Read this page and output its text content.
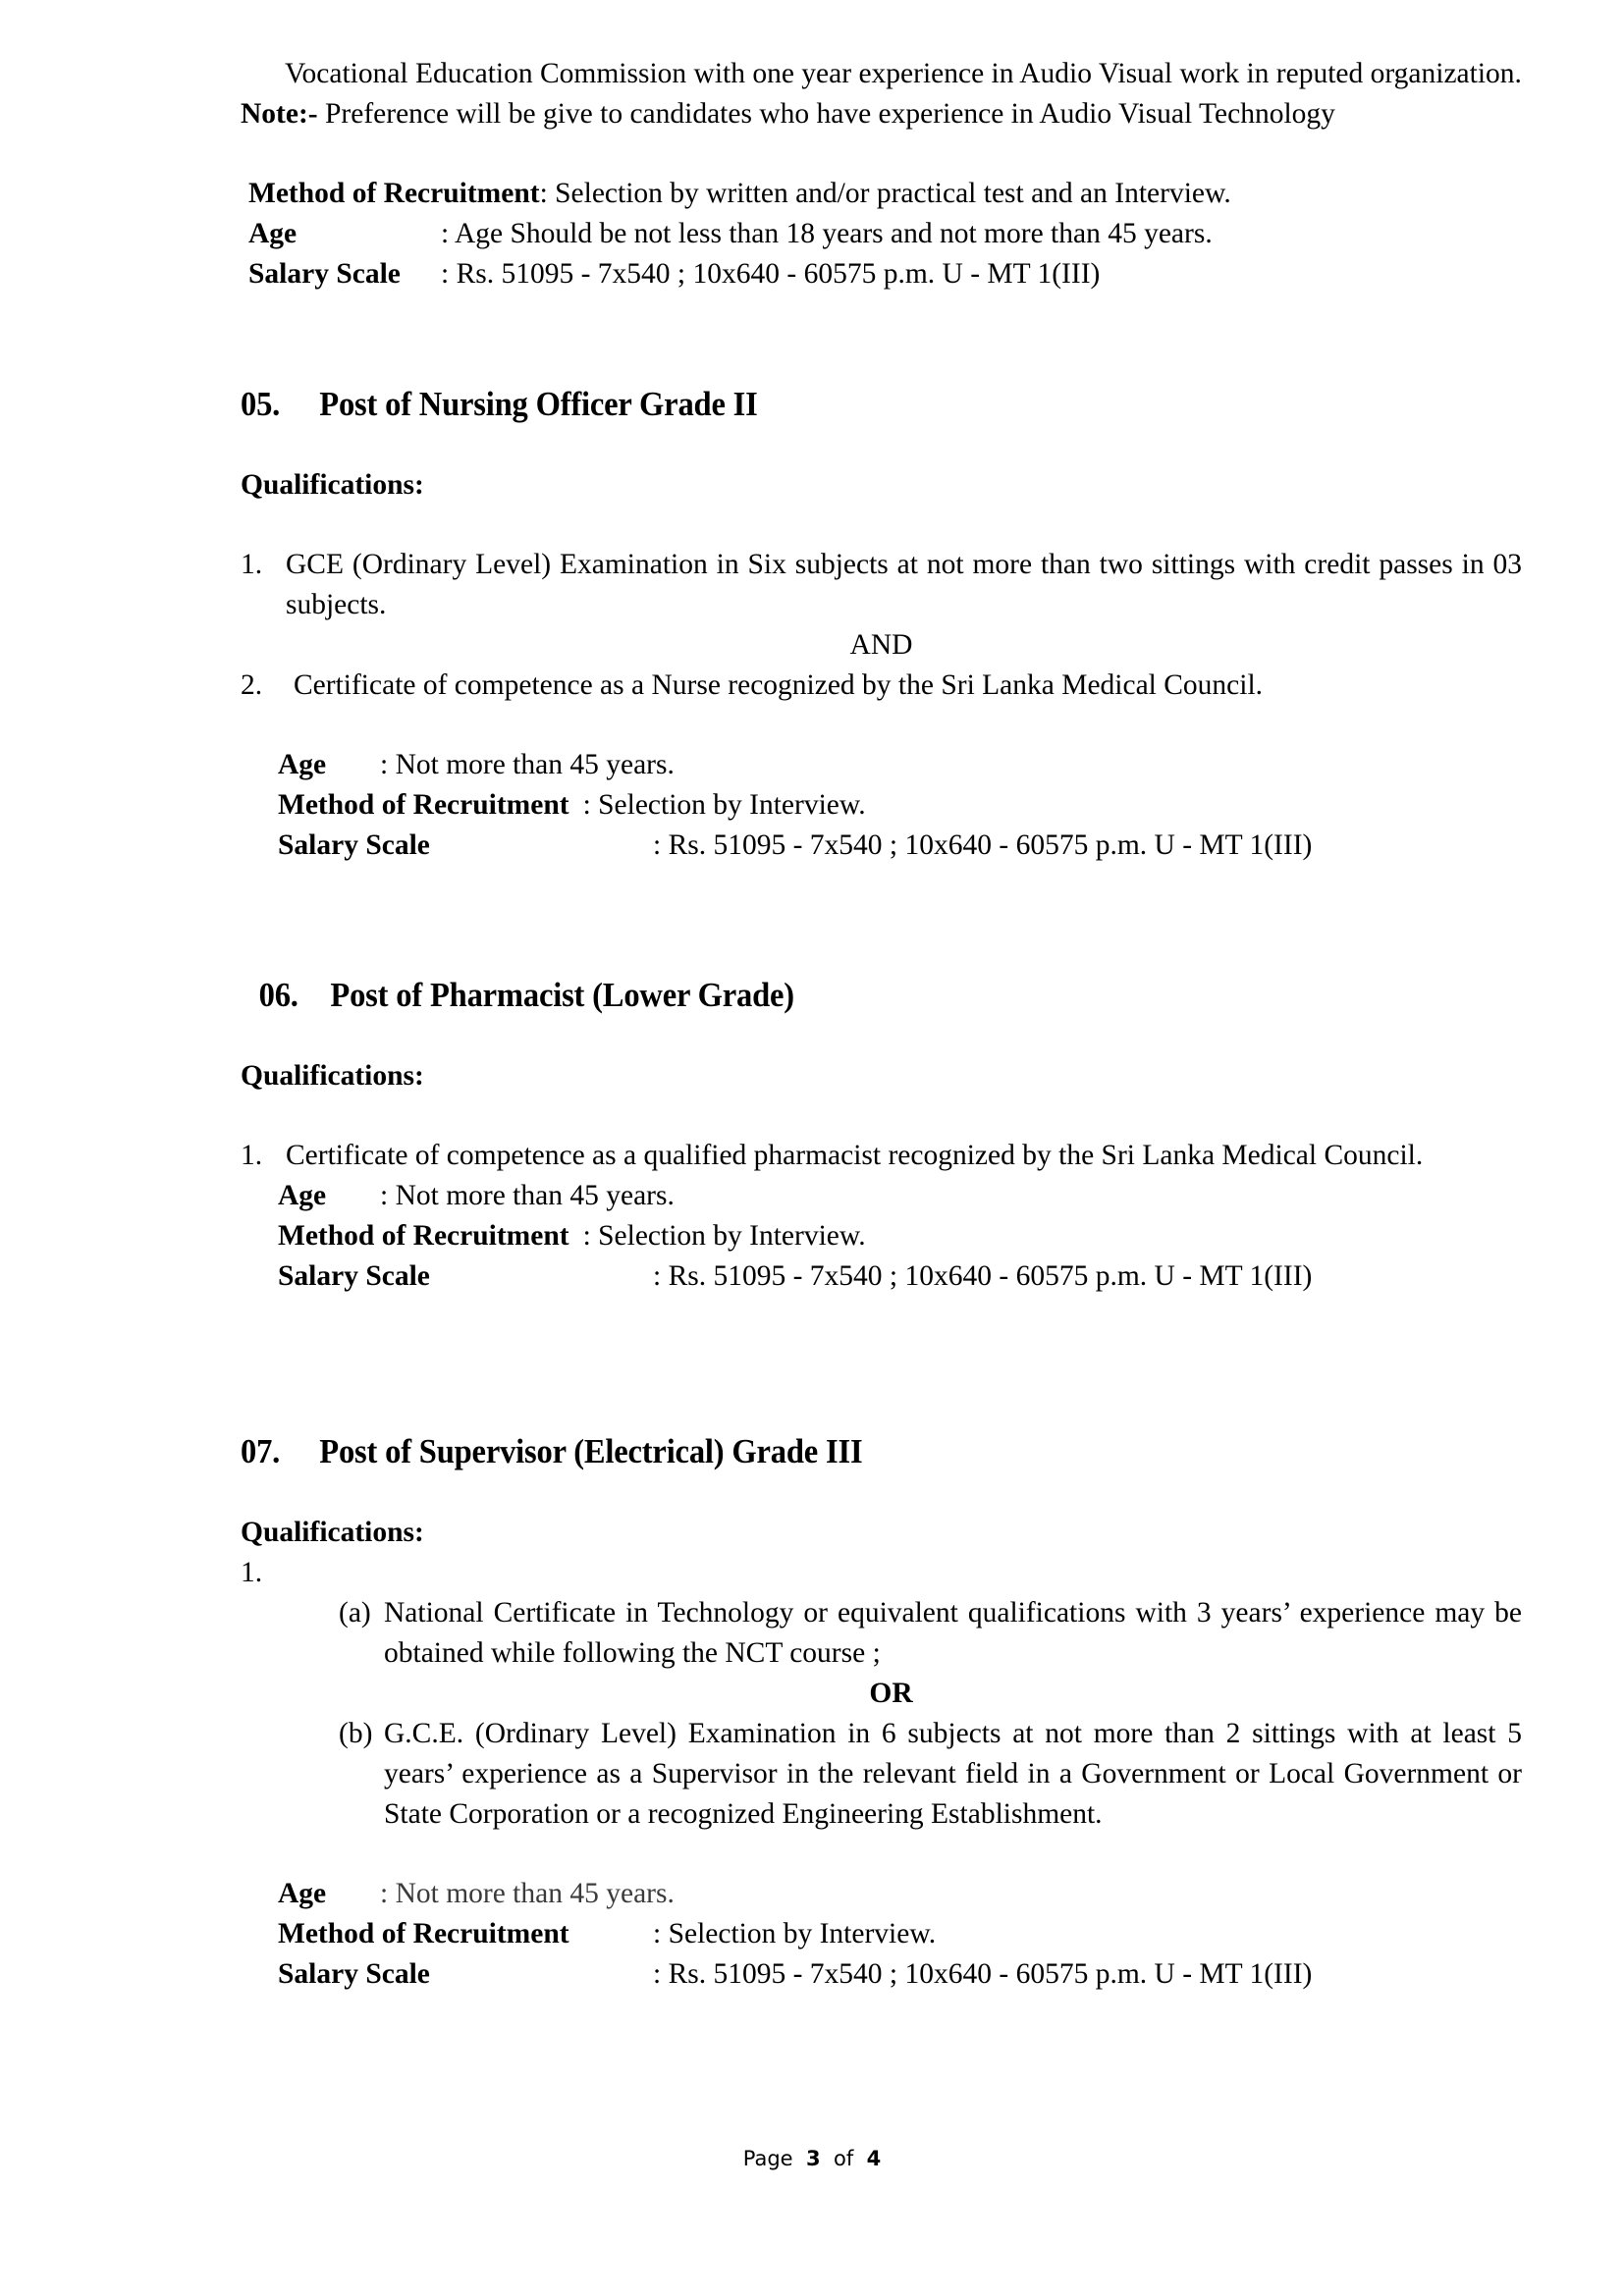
Vocational Education Commission with one year experience in Audio Visual work in reputed organization.
Note:- Preference will be give to candidates who have experience in Audio Visual Technology
Method of Recruitment : Selection by written and/or practical test and an Interview.
Age	: Age Should be not less than 18 years and not more than 45 years.
Salary Scale	: Rs. 51095 - 7x540 ; 10x640 - 60575 p.m. U - MT 1(III)
05. Post of Nursing Officer Grade II
Qualifications:
1. GCE (Ordinary Level) Examination in Six subjects at not more than two sittings with credit passes in 03 subjects.
AND
2.	Certificate of competence as a Nurse recognized by the Sri Lanka Medical Council.
Age	: Not more than 45 years.
Method of Recruitment : Selection by Interview.
Salary Scale	: Rs. 51095 - 7x540 ; 10x640 - 60575 p.m. U - MT 1(III)
06. Post of Pharmacist (Lower Grade)
Qualifications:
1. Certificate of competence as a qualified pharmacist recognized by the Sri Lanka Medical Council.
Age	: Not more than 45 years.
Method of Recruitment : Selection by Interview.
Salary Scale	: Rs. 51095 - 7x540 ; 10x640 - 60575 p.m. U - MT 1(III)
07. Post of Supervisor (Electrical) Grade III
Qualifications:
1.
(a) National Certificate in Technology or equivalent qualifications with 3 years’ experience may be obtained while following the NCT course ;
OR
(b) G.C.E. (Ordinary Level) Examination in 6 subjects at not more than 2 sittings with at least 5 years’ experience as a Supervisor in the relevant field in a Government or Local Government or State Corporation or a recognized Engineering Establishment.
Age	: Not more than 45 years.
Method of Recruitment	: Selection by Interview.
Salary Scale	: Rs. 51095 - 7x540 ; 10x640 - 60575 p.m. U - MT 1(III)
Page 3 of 4
